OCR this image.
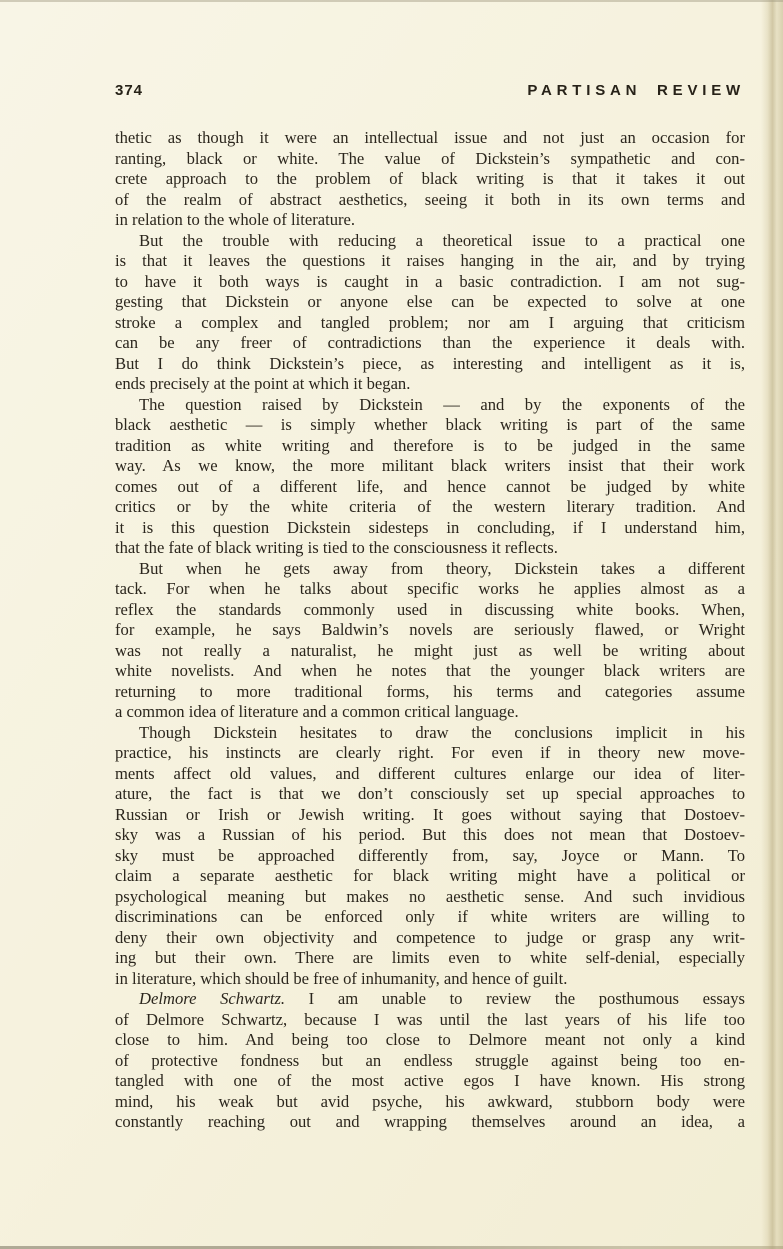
374	PARTISAN REVIEW
thetic as though it were an intellectual issue and not just an occasion for
ranting, black or white. The value of Dickstein’s sympathetic and con-
crete approach to the problem of black writing is that it takes it out
of the realm of abstract aesthetics, seeing it both in its own terms and
in relation to the whole of literature.
But the trouble with reducing a theoretical issue to a practical one
is that it leaves the questions it raises hanging in the air, and by trying
to have it both ways is caught in a basic contradiction. I am not sug-
gesting that Dickstein or anyone else can be expected to solve at one
stroke a complex and tangled problem; nor am I arguing that criticism
can be any freer of contradictions than the experience it deals with.
But I do think Dickstein’s piece, as interesting and intelligent as it is,
ends precisely at the point at which it began.
The question raised by Dickstein — and by the exponents of the
black aesthetic — is simply whether black writing is part of the same
tradition as white writing and therefore is to be judged in the same
way. As we know, the more militant black writers insist that their work
comes out of a different life, and hence cannot be judged by white
critics or by the white criteria of the western literary tradition. And
it is this question Dickstein sidesteps in concluding, if I understand him,
that the fate of black writing is tied to the consciousness it reflects.
But when he gets away from theory, Dickstein takes a different
tack. For when he talks about specific works he applies almost as a
reflex the standards commonly used in discussing white books. When,
for example, he says Baldwin’s novels are seriously flawed, or Wright
was not really a naturalist, he might just as well be writing about
white novelists. And when he notes that the younger black writers are
returning to more traditional forms, his terms and categories assume
a common idea of literature and a common critical language.
Though Dickstein hesitates to draw the conclusions implicit in his
practice, his instincts are clearly right. For even if in theory new move-
ments affect old values, and different cultures enlarge our idea of liter-
ature, the fact is that we don’t consciously set up special approaches to
Russian or Irish or Jewish writing. It goes without saying that Dostoev-
sky was a Russian of his period. But this does not mean that Dostoev-
sky must be approached differently from, say, Joyce or Mann. To
claim a separate aesthetic for black writing might have a political or
psychological meaning but makes no aesthetic sense. And such invidious
discriminations can be enforced only if white writers are willing to
deny their own objectivity and competence to judge or grasp any writ-
ing but their own. There are limits even to white self-denial, especially
in literature, which should be free of inhumanity, and hence of guilt.
Delmore Schwartz. I am unable to review the posthumous essays
of Delmore Schwartz, because I was until the last years of his life too
close to him. And being too close to Delmore meant not only a kind
of protective fondness but an endless struggle against being too en-
tangled with one of the most active egos I have known. His strong
mind, his weak but avid psyche, his awkward, stubborn body were
constantly reaching out and wrapping themselves around an idea, a
